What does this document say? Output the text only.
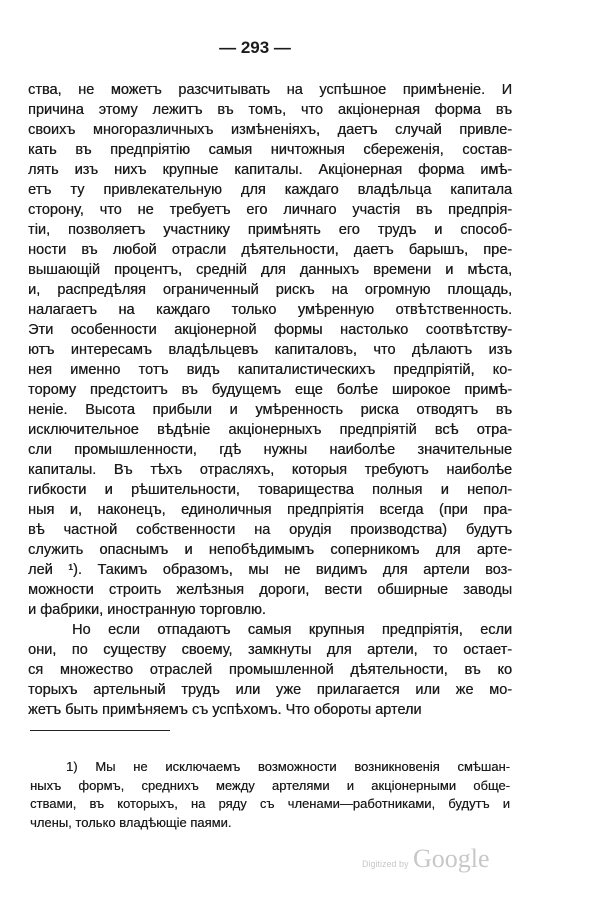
— 293 —
ства, не можетъ разсчитывать на успѣшное примѣненіе. И
причина этому лежитъ въ томъ, что акціонерная форма въ
своихъ многоразличныхъ измѣненіяхъ, даетъ случай привле-
кать въ предпріятію самыя ничтожныя сбереженія, состав-
лять изъ нихъ крупные капиталы. Акціонерная форма имѣ-
етъ ту привлекательную для каждаго владѣльца капитала
сторону, что не требуетъ его личнаго участія въ предпрія-
тіи, позволяетъ участнику примѣнять его трудъ и способ-
ности въ любой отрасли дѣятельности, даетъ барышъ, пре-
вышающій процентъ, средній для данныхъ времени и мѣста,
и, распредѣляя ограниченный рискъ на огромную площадь,
налагаетъ на каждаго только умѣренную отвѣтственность.
Эти особенности акціонерной формы настолько соотвѣтству-
ютъ интересамъ владѣльцевъ капиталовъ, что дѣлаютъ изъ
нея именно тотъ видъ капиталистическихъ предпріятій, ко-
торому предстоитъ въ будущемъ еще болѣе широкое примѣ-
неніе. Высота прибыли и умѣренность риска отводятъ въ
исключительное вѣдѣніе акціонерныхъ предпріятій всѣ отра-
сли промышленности, гдѣ нужны наиболѣе значительные
капиталы. Въ тѣхъ отрасляхъ, которыя требуютъ наиболѣе
гибкости и рѣшительности, товарищества полныя и непол-
ныя и, наконецъ, единоличныя предпріятія всегда (при пра-
вѣ частной собственности на орудія производства) будутъ
служить опаснымъ и непобѣдимымъ соперникомъ для арте-
лей ¹). Такимъ образомъ, мы не видимъ для артели воз-
можности строить желѣзныя дороги, вести обширные заводы
и фабрики, иностранную торговлю.
Но если отпадаютъ самыя крупныя предпріятія, если
они, по существу своему, замкнуты для артели, то остает-
ся множество отраслей промышленной дѣятельности, въ ко
торыхъ артельный трудъ или уже прилагается или же мо-
жетъ быть примѣняемъ съ успѣхомъ. Что обороты артели
1) Мы не исключаемъ возможности возникновенія смѣшан-
ныхъ формъ, среднихъ между артелями и акціонерными обще-
ствами, въ которыхъ, на ряду съ членами—работниками, будутъ и
члены, только владѣющіе паями.
Digitized by Google
